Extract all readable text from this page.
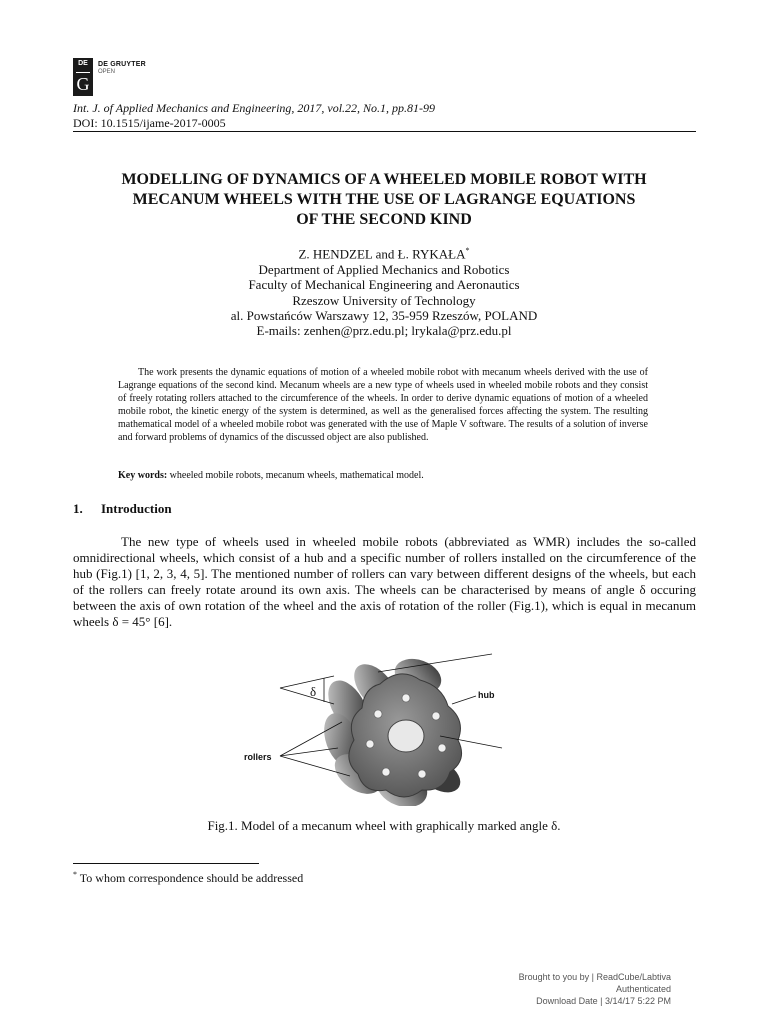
DE
G
DE GRUYTER
OPEN
Int. J. of Applied Mechanics and Engineering, 2017, vol.22, No.1, pp.81-99
DOI: 10.1515/ijame-2017-0005
MODELLING OF DYNAMICS OF A WHEELED MOBILE ROBOT WITH
MECANUM WHEELS WITH THE USE OF LAGRANGE EQUATIONS
OF THE SECOND KIND
Z. HENDZEL and Ł. RYKAŁA*
Department of Applied Mechanics and Robotics
Faculty of Mechanical Engineering and Aeronautics
Rzeszow University of Technology
al. Powstańców Warszawy 12, 35-959 Rzeszów, POLAND
E-mails: zenhen@prz.edu.pl; lrykala@prz.edu.pl
The work presents the dynamic equations of motion of a wheeled mobile robot with mecanum wheels derived with the use of Lagrange equations of the second kind. Mecanum wheels are a new type of wheels used in wheeled mobile robots and they consist of freely rotating rollers attached to the circumference of the wheels. In order to derive dynamic equations of motion of a wheeled mobile robot, the kinetic energy of the system is determined, as well as the generalised forces affecting the system. The resulting mathematical model of a wheeled mobile robot was generated with the use of Maple V software. The results of a solution of inverse and forward problems of dynamics of the discussed object are also published.
Key words: wheeled mobile robots, mecanum wheels, mathematical model.
1. Introduction
The new type of wheels used in wheeled mobile robots (abbreviated as WMR) includes the so-called omnidirectional wheels, which consist of a hub and a specific number of rollers installed on the circumference of the hub (Fig.1) [1, 2, 3, 4, 5]. The mentioned number of rollers can vary between different designs of the wheels, but each of the rollers can freely rotate around its own axis. The wheels can be characterised by means of angle δ occuring between the axis of own rotation of the wheel and the axis of rotation of the roller (Fig.1), which is equal in mecanum wheels δ = 45° [6].
δ	hub
rollers
Fig.1. Model of a mecanum wheel with graphically marked angle δ.
* To whom correspondence should be addressed
Brought to you by | ReadCube/Labtiva
Authenticated
Download Date | 3/14/17 5:22 PM
